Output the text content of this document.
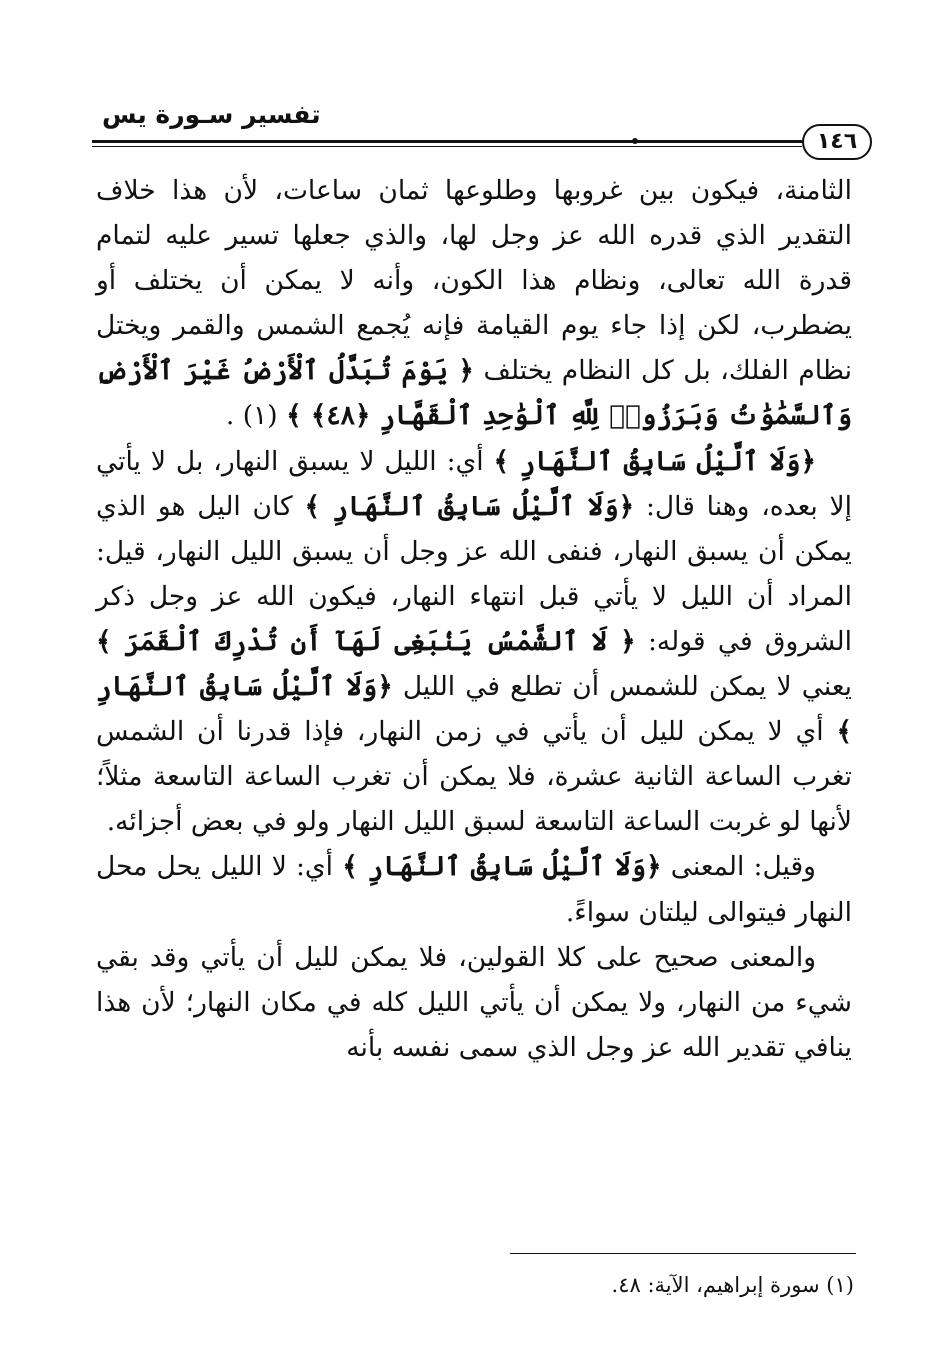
تفسير سـورة يس
١٤٦

الثامنة، فيكون بين غروبها وطلوعها ثمان ساعات، لأن هذا خلاف التقدير الذي قدره الله عز وجل لها، والذي جعلها تسير عليه لتمام قدرة الله تعالى، ونظام هذا الكون، وأنه لا يمكن أن يختلف أو يضطرب، لكن إذا جاء يوم القيامة فإنه يُجمع الشمس والقمر ويختل نظام الفلك، بل كل النظام يختلف ﴿ يَوْمَ تُبَدَّلُ ٱلْأَرْضُ غَيْرَ ٱلْأَرْضِ وَٱلسَّمَٰوَٰتُ وَبَرَزُوا۟ لِلَّهِ ٱلْوَٰحِدِ ٱلْقَهَّارِ ﴿٤٨﴾ ﴾ (١) .

﴿وَلَا ٱلَّيْلُ سَابِقُ ٱلنَّهَارِ ﴾ أي: الليل لا يسبق النهار، بل لا يأتي إلا بعده، وهنا قال: ﴿وَلَا ٱلَّيْلُ سَابِقُ ٱلنَّهَارِ ﴾ كان اليل هو الذي يمكن أن يسبق النهار، فنفى الله عز وجل أن يسبق الليل النهار، قيل: المراد أن الليل لا يأتي قبل انتهاء النهار، فيكون الله عز وجل ذكر الشروق في قوله: ﴿ لَا ٱلشَّمْسُ يَنۢبَغِى لَهَآ أَن تُدْرِكَ ٱلْقَمَرَ ﴾ يعني لا يمكن للشمس أن تطلع في الليل ﴿وَلَا ٱلَّيْلُ سَابِقُ ٱلنَّهَارِ ﴾ أي لا يمكن لليل أن يأتي في زمن النهار، فإذا قدرنا أن الشمس تغرب الساعة الثانية عشرة، فلا يمكن أن تغرب الساعة التاسعة مثلاً؛ لأنها لو غربت الساعة التاسعة لسبق الليل النهار ولو في بعض أجزائه.

وقيل: المعنى ﴿وَلَا ٱلَّيْلُ سَابِقُ ٱلنَّهَارِ ﴾ أي: لا الليل يحل محل النهار فيتوالى ليلتان سواءً.

والمعنى صحيح على كلا القولين، فلا يمكن لليل أن يأتي وقد بقي شيء من النهار، ولا يمكن أن يأتي الليل كله في مكان النهار؛ لأن هذا ينافي تقدير الله عز وجل الذي سمى نفسه بأنه

(١) سورة إبراهيم، الآية: ٤٨.
